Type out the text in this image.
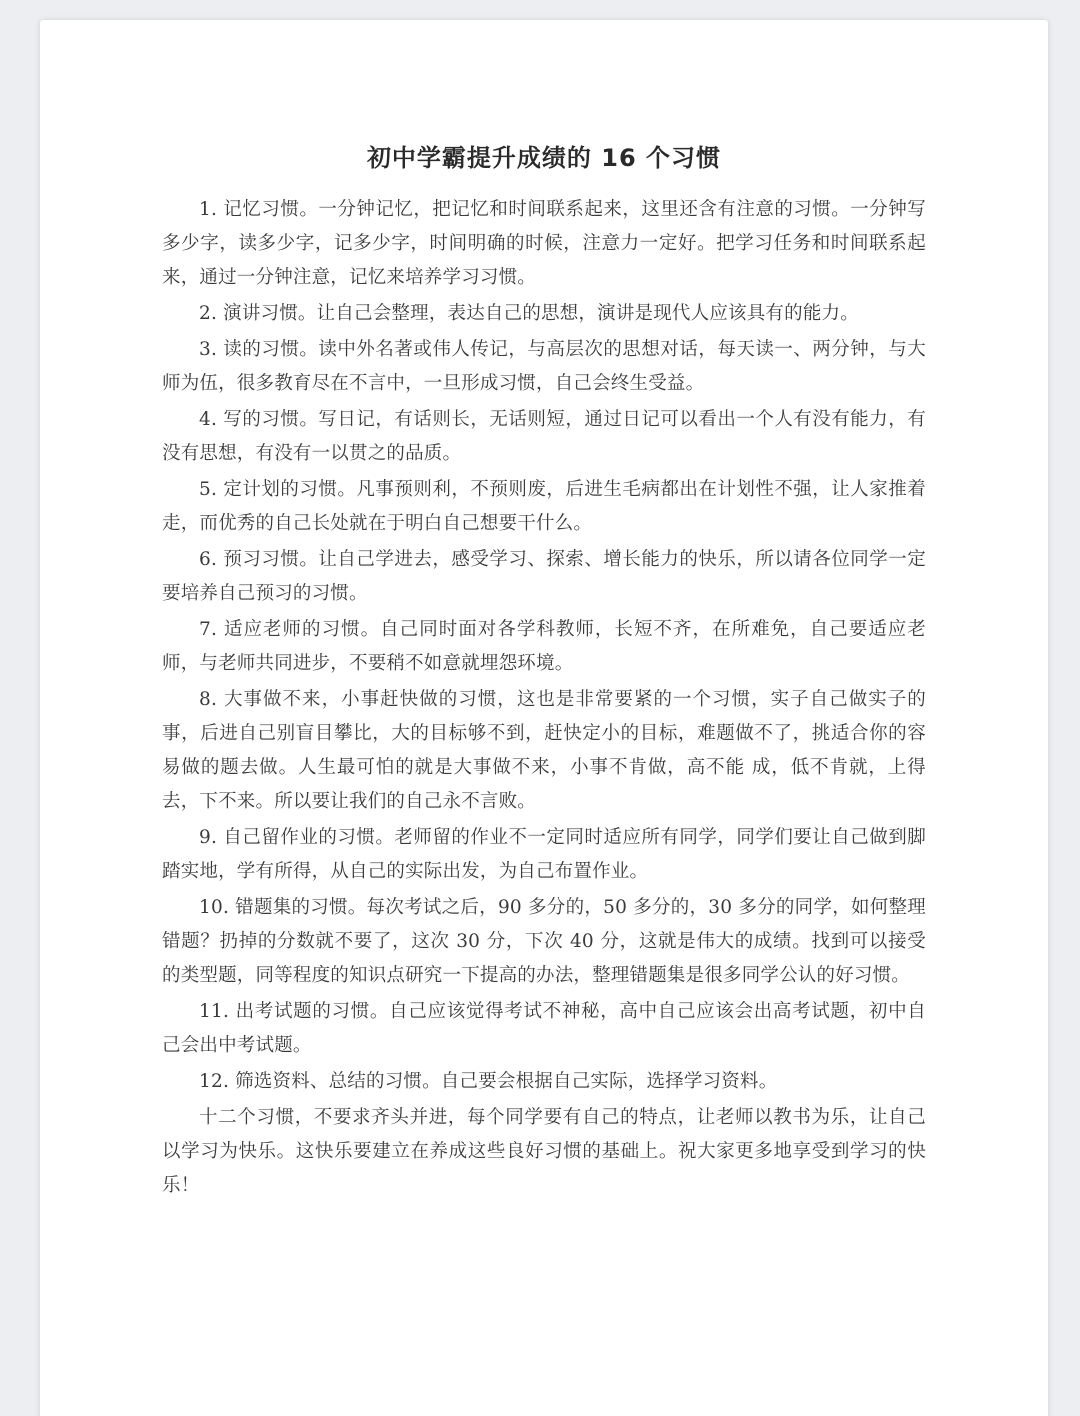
初中学霸提升成绩的 16 个习惯

1. 记忆习惯。一分钟记忆，把记忆和时间联系起来，这里还含有注意的习惯。一分钟写多少字，读多少字，记多少字，时间明确的时候，注意力一定好。把学习任务和时间联系起来，通过一分钟注意，记忆来培养学习习惯。

2. 演讲习惯。让自己会整理，表达自己的思想，演讲是现代人应该具有的能力。

3. 读的习惯。读中外名著或伟人传记，与高层次的思想对话，每天读一、两分钟，与大师为伍，很多教育尽在不言中，一旦形成习惯，自己会终生受益。

4. 写的习惯。写日记，有话则长，无话则短，通过日记可以看出一个人有没有能力，有没有思想，有没有一以贯之的品质。

5. 定计划的习惯。凡事预则利，不预则废，后进生毛病都出在计划性不强，让人家推着走，而优秀的自己长处就在于明白自己想要干什么。

6. 预习习惯。让自己学进去，感受学习、探索、增长能力的快乐，所以请各位同学一定要培养自己预习的习惯。

7. 适应老师的习惯。自己同时面对各学科教师，长短不齐，在所难免，自己要适应老师，与老师共同进步，不要稍不如意就埋怨环境。

8. 大事做不来，小事赶快做的习惯，这也是非常要紧的一个习惯，实子自己做实子的事，后进自己别盲目攀比，大的目标够不到，赶快定小的目标，难题做不了，挑适合你的容易做的题去做。人生最可怕的就是大事做不来，小事不肯做，高不能 成，低不肯就，上得去，下不来。所以要让我们的自己永不言败。

9. 自己留作业的习惯。老师留的作业不一定同时适应所有同学，同学们要让自己做到脚踏实地，学有所得，从自己的实际出发，为自己布置作业。

10. 错题集的习惯。每次考试之后，90 多分的，50 多分的，30 多分的同学，如何整理错题？扔掉的分数就不要了，这次 30 分，下次 40 分，这就是伟大的成绩。找到可以接受的类型题，同等程度的知识点研究一下提高的办法，整理错题集是很多同学公认的好习惯。

11. 出考试题的习惯。自己应该觉得考试不神秘，高中自己应该会出高考试题，初中自己会出中考试题。

12. 筛选资料、总结的习惯。自己要会根据自己实际，选择学习资料。

十二个习惯，不要求齐头并进，每个同学要有自己的特点，让老师以教书为乐，让自己以学习为快乐。这快乐要建立在养成这些良好习惯的基础上。祝大家更多地享受到学习的快乐！
